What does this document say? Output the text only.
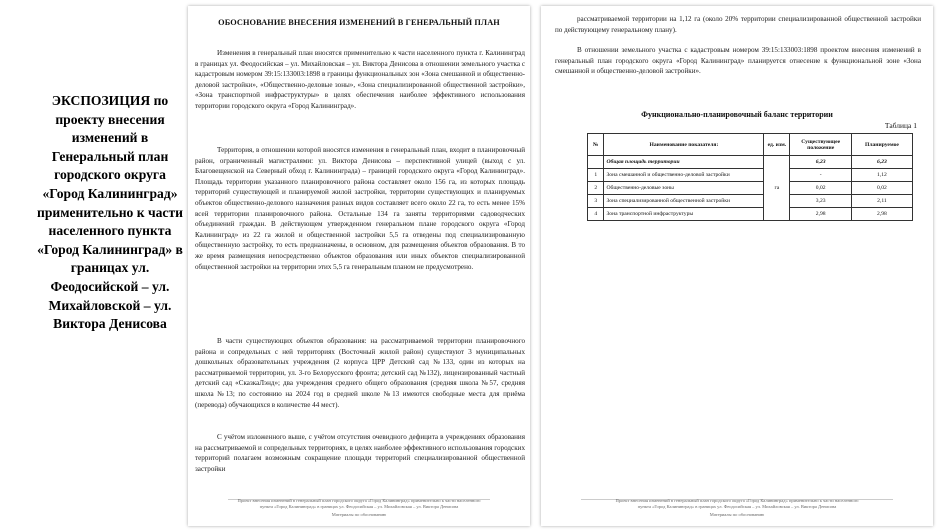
ЭКСПОЗИЦИЯ по проекту внесения изменений в Генеральный план городского округа «Город Калининград» применительно к части населенного пункта «Город Калининград» в границах ул. Феодосийской – ул. Михайловской – ул. Виктора Денисова
ОБОСНОВАНИЕ ВНЕСЕНИЯ ИЗМЕНЕНИЙ В ГЕНЕРАЛЬНЫЙ ПЛАН
Изменения в генеральный план вносятся применительно к части населенного пункта г. Калининград в границах ул. Феодосийская – ул. Михайловская – ул. Виктора Денисова в отношении земельного участка с кадастровым номером 39:15:133003:1898 в границы функциональных зон «Зона смешанной и общественно-деловой застройки», «Общественно-деловые зоны», «Зона специализированной общественной застройки», «Зона транспортной инфраструктуры» в целях обеспечения наиболее эффективного использования территории городского округа «Город Калининград».
Территория, в отношении которой вносятся изменения в генеральный план, входит в планировочный район, ограниченный магистралями: ул. Виктора Денисова – перспективной улицей (выход с ул. Благовещенской на Северный обход г. Калининграда) – границей городского округа «Город Калининград». Площадь территории указанного планировочного района составляет около 156 га, из которых площадь территорий существующей и планируемой жилой застройки, территории существующих и планируемых объектов общественно-делового назначения разных видов составляет всего около 22 га, то есть менее 15% всей территории планировочного района. Остальные 134 га заняты территориями садоводческих объединений граждан. В действующем утвержденном генеральном плане городского округа «Город Калининград» из 22 га жилой и общественной застройки 5,5 га отведены под специализированную общественную застройку, то есть предназначены, в основном, для размещения объектов образования. В то же время размещения непосредственно объектов образования или иных объектов специализированной общественной застройки на территории этих 5,5 га генеральным планом не предусмотрено.
В части существующих объектов образования: на рассматриваемой территории планировочного района и сопредельных с ней территориях (Восточный жилой район) существуют 3 муниципальных дошкольных образовательных учреждения (2 корпуса ЦРР Детский сад №133, один из которых на рассматриваемой территории, ул. 3-го Белорусского фронта; детский сад №132), лицензированный частный детский сад «СказкаЛэнд»; два учреждения среднего общего образования (средняя школа №57, средняя школа №13; по состоянию на 2024 год в средней школе №13 имеются свободные места для приёма (перевода) обучающихся в количестве 44 мест).
С учётом изложенного выше, с учётом отсутствия очевидного дефицита в учреждениях образования на рассматриваемой и сопредельных территориях, в целях наиболее эффективного использования городских территорий полагаем возможным сокращение площади территорий специализированной общественной застройки
Проект внесения изменений в генеральный план городского округа «Город Калининград» применительно к части населенного
пункта «Город Калининград» в границах ул. Феодосийская – ул. Михайловская – ул. Виктора Денисова
Материалы по обоснованию
рассматриваемой территории на 1,12 га (около 20% территории специализированной общественной застройки по действующему генеральному плану).
В отношении земельного участка с кадастровым номером 39:15:133003:1898 проектом внесения изменений в генеральный план городского округа «Город Калининград» планируется отнесение к функциональной зоне «Зона смешанной и общественно-деловой застройки».
Функционально-планировочный баланс территории
Таблица 1
№	Наименование показателя:	ед. изм.	Существующее положение	Планируемое
	Общая площадь территории	га	6,23	6,23
1	Зона смешанной и общественно-деловой застройки		-	1,12
2	Общественно-деловые зоны		0,02	0,02
3	Зона специализированной общественной застройки		3,23	2,11
4	Зона транспортной инфраструктуры		2,98	2,98
Проект внесения изменений в генеральный план городского округа «Город Калининград» применительно к части населенного
пункта «Город Калининград» в границах ул. Феодосийская – ул. Михайловская – ул. Виктора Денисова
Материалы по обоснованию
